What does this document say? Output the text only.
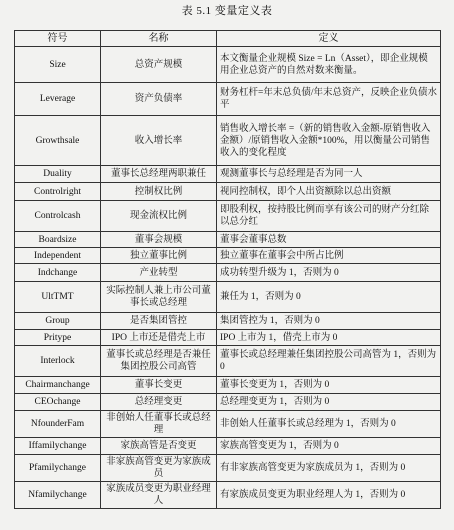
表 5.1 变量定义表
符号	名称	定义
Size	总资产规模	本文衡量企业规模 Size = Ln（Asset），即企业规模用企业总资产的自然对数来衡量。
Leverage	资产负债率	财务杠杆=年末总负债/年末总资产，反映企业负债水平
Growthsale	收入增长率	销售收入增长率 =（新的销售收入金额-原销售收入金额）/原销售收入金额*100%，用以衡量公司销售收入的变化程度
Duality	董事长总经理两职兼任	观测董事长与总经理是否为同一人
Controlright	控制权比例	视同控制权，即个人出资额除以总出资额
Controlcash	现金流权比例	即股利权，按持股比例而享有该公司的财产分红除以总分红
Boardsize	董事会规模	董事会董事总数
Independent	独立董事比例	独立董事在董事会中所占比例
Indchange	产业转型	成功转型升级为 1，否则为 0
UltTMT	实际控制人兼上市公司董事长或总经理	兼任为 1，否则为 0
Group	是否集团管控	集团管控为 1，否则为 0
Pritype	IPO 上市还是借壳上市	IPO 上市为 1，借壳上市为 0
Interlock	董事长或总经理是否兼任集团控股公司高管	董事长或总经理兼任集团控股公司高管为 1，否则为 0
Chairmanchange	董事长变更	董事长变更为 1，否则为 0
CEOchange	总经理变更	总经理变更为 1，否则为 0
NfounderFam	非创始人任董事长或总经理	非创始人任董事长或总经理为 1，否则为 0
Iffamilychange	家族高管是否变更	家族高管变更为 1，否则为 0
Pfamilychange	非家族高管变更为家族成员	有非家族高管变更为家族成员为 1，否则为 0
Nfamilychange	家族成员变更为职业经理人	有家族成员变更为职业经理人为 1，否则为 0
